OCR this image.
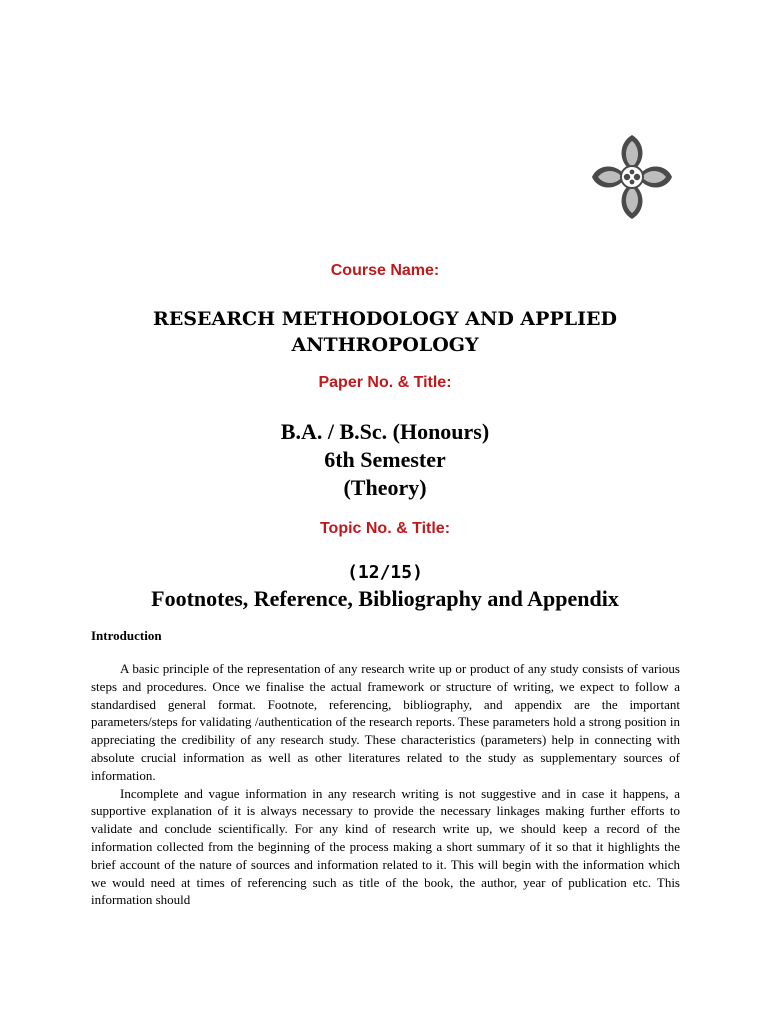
Course Name:
RESEARCH METHODOLOGY AND APPLIED
ANTHROPOLOGY
Paper No. & Title:
B.A. / B.Sc. (Honours)
6th Semester
(Theory)
Topic No. & Title:
(12/15)
Footnotes, Reference, Bibliography and Appendix
Introduction

A basic principle of the representation of any research write up or product of any study consists of various steps and procedures. Once we finalise the actual framework or structure of writing, we expect to follow a standardised general format. Footnote, referencing, bibliography, and appendix are the important parameters/steps for validating /authentication of the research reports. These parameters hold a strong position in appreciating the credibility of any research study. These characteristics (parameters) help in connecting with absolute crucial information as well as other literatures related to the study as supplementary sources of information.

Incomplete and vague information in any research writing is not suggestive and in case it happens, a supportive explanation of it is always necessary to provide the necessary linkages making further efforts to validate and conclude scientifically. For any kind of research write up, we should keep a record of the information collected from the beginning of the process making a short summary of it so that it highlights the brief account of the nature of sources and information related to it. This will begin with the information which we would need at times of referencing such as title of the book, the author, year of publication etc. This information should
